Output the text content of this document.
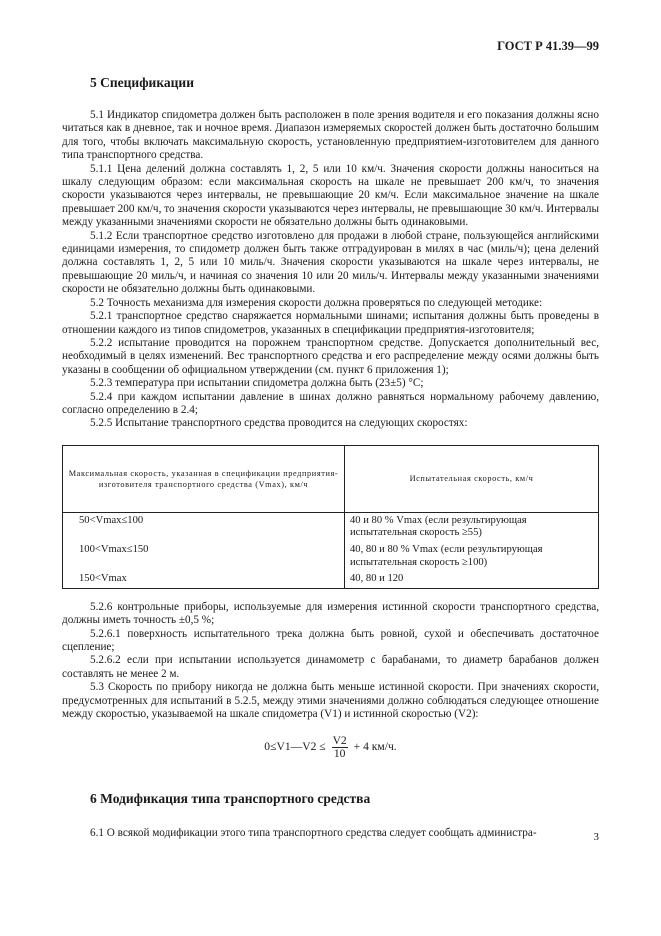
ГОСТ Р 41.39—99
5 Спецификации

5.1 Индикатор спидометра должен быть расположен в поле зрения водителя и его показания должны ясно читаться как в дневное, так и ночное время. Диапазон измеряемых скоростей должен быть достаточно большим для того, чтобы включать максимальную скорость, установленную предприятием-изготовителем для данного типа транспортного средства.

5.1.1 Цена делений должна составлять 1, 2, 5 или 10 км/ч. Значения скорости должны наноситься на шкалу следующим образом: если максимальная скорость на шкале не превышает 200 км/ч, то значения скорости указываются через интервалы, не превышающие 20 км/ч. Если максимальное значение на шкале превышает 200 км/ч, то значения скорости указываются через интервалы, не превышающие 30 км/ч. Интервалы между указанными значениями скорости не обязательно должны быть одинаковыми.

5.1.2 Если транспортное средство изготовлено для продажи в любой стране, пользующейся английскими единицами измерения, то спидометр должен быть также отградуирован в милях в час (миль/ч); цена делений должна составлять 1, 2, 5 или 10 миль/ч. Значения скорости указываются на шкале через интервалы, не превышающие 20 миль/ч, и начиная со значения 10 или 20 миль/ч. Интервалы между указанными значениями скорости не обязательно должны быть одинаковыми.

5.2 Точность механизма для измерения скорости должна проверяться по следующей методике:

5.2.1 транспортное средство снаряжается нормальными шинами; испытания должны быть проведены в отношении каждого из типов спидометров, указанных в спецификации предприятия-изготовителя;

5.2.2 испытание проводится на порожнем транспортном средстве. Допускается дополнительный вес, необходимый в целях изменений. Вес транспортного средства и его распределение между осями должны быть указаны в сообщении об официальном утверждении (см. пункт 6 приложения 1);

5.2.3 температура при испытании спидометра должна быть (23±5) °С;

5.2.4 при каждом испытании давление в шинах должно равняться нормальному рабочему давлению, согласно определению в 2.4;

5.2.5 Испытание транспортного средства проводится на следующих скоростях:

Максимальная скорость, указанная в спецификации предприятия-изготовителя транспортного средства (Vmax), км/ч	Испытательная скорость, км/ч
50<Vmax≤100	40 и 80 % Vmax (если результирующая испытательная скорость ≥55)
100<Vmax≤150	40, 80 и 80 % Vmax (если результирующая испытательная скорость ≥100)
150<Vmax	40, 80 и 120

5.2.6 контрольные приборы, используемые для измерения истинной скорости транспортного средства, должны иметь точность ±0,5 %;

5.2.6.1 поверхность испытательного трека должна быть ровной, сухой и обеспечивать достаточное сцепление;

5.2.6.2 если при испытании используется динамометр с барабанами, то диаметр барабанов должен составлять не менее 2 м.

5.3 Скорость по прибору никогда не должна быть меньше истинной скорости. При значениях скорости, предусмотренных для испытаний в 5.2.5, между этими значениями должно соблюдаться следующее отношение между скоростью, указываемой на шкале спидометра (V1) и истинной скоростью (V2):

0≤V1—V2 ≤ $\frac{V2}{10} + 4$ км/ч.
6 Модификация типа транспортного средства

6.1 О всякой модификации этого типа транспортного средства следует сообщать администра-	3
